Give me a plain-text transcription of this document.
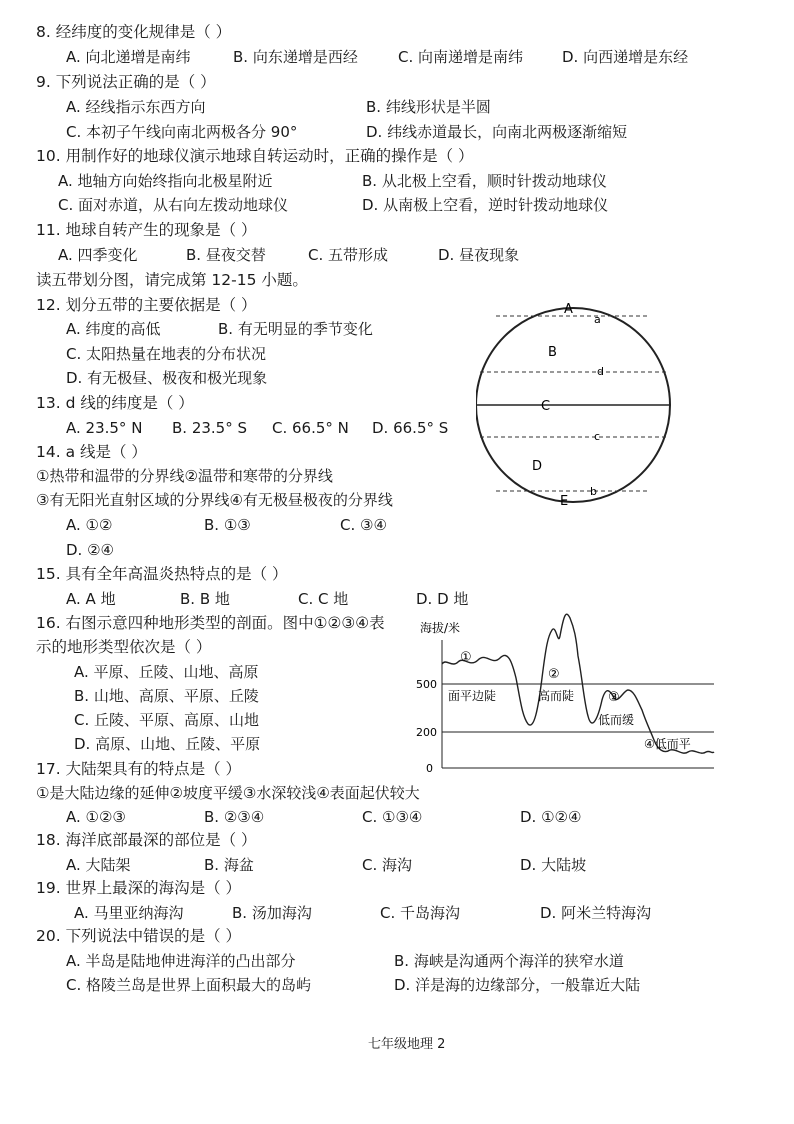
8. 经纬度的变化规律是（ ）
A. 向北递增是南纬	B. 向东递增是西经	C. 向南递增是南纬	D. 向西递增是东经
9. 下列说法正确的是（ ）
A. 经线指示东西方向	B. 纬线形状是半圆
C. 本初子午线向南北两极各分 90°	D. 纬线赤道最长，向南北两极逐渐缩短
10. 用制作好的地球仪演示地球自转运动时，正确的操作是（ ）
A. 地轴方向始终指向北极星附近	B. 从北极上空看，顺时针拨动地球仪
C. 面对赤道，从右向左拨动地球仪	D. 从南极上空看，逆时针拨动地球仪
11. 地球自转产生的现象是（ ）
A. 四季变化	B. 昼夜交替	C. 五带形成	D. 昼夜现象
读五带划分图，请完成第 12-15 小题。
12. 划分五带的主要依据是（ ）
A. 纬度的高低	B. 有无明显的季节变化
C. 太阳热量在地表的分布状况
D. 有无极昼、极夜和极光现象
13. d 线的纬度是（ ）
A. 23.5° N B. 23.5° S C. 66.5° N D. 66.5° S
14. a 线是（ ）
①热带和温带的分界线②温带和寒带的分界线
③有无阳光直射区域的分界线④有无极昼极夜的分界线
A. ①②	B. ①③	C. ③④
D. ②④
15. 具有全年高温炎热特点的是（ ）
A. A 地	B. B 地	C. C 地	D. D 地
16. 右图示意四种地形类型的剖面。图中①②③④表
示的地形类型依次是（ ）
A. 平原、丘陵、山地、高原
B. 山地、高原、平原、丘陵
C. 丘陵、平原、高原、山地
D. 高原、山地、丘陵、平原
17. 大陆架具有的特点是（ ）
①是大陆边缘的延伸②坡度平缓③水深较浅④表面起伏较大
A. ①②③	B. ②③④	C. ①③④	D. ①②④
18. 海洋底部最深的部位是（ ）
A. 大陆架	B. 海盆	C. 海沟	D. 大陆坡
19. 世界上最深的海沟是（ ）
A. 马里亚纳海沟	B. 汤加海沟	C. 千岛海沟	D. 阿米兰特海沟
20. 下列说法中错误的是（ ）
A. 半岛是陆地伸进海洋的凸出部分	B. 海峡是沟通两个海洋的狭窄水道
C. 格陵兰岛是世界上面积最大的岛屿	D. 洋是海的边缘部分，一般靠近大陆
七年级地理 2
A
B
C
D
E
a
d
c
b
海拔/米
500
200
0
①
②
③
④低而平
面平边陡	高而陡
低而缓
